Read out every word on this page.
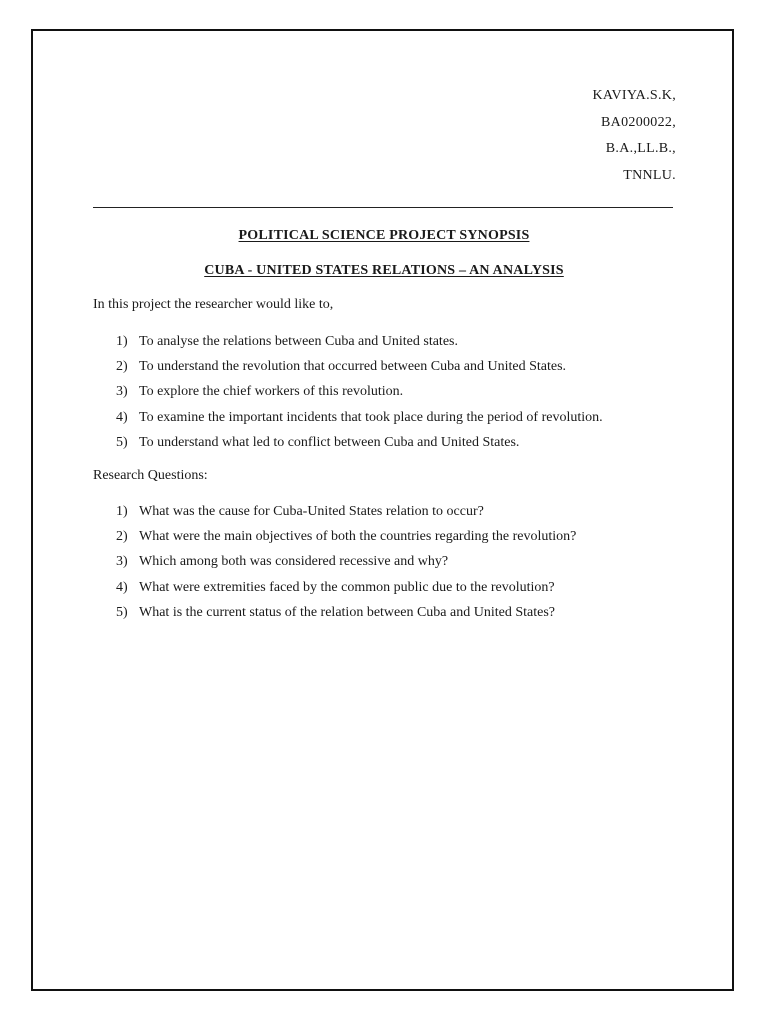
KAVIYA.S.K,
BA0200022,
B.A.,LL.B.,
TNNLU.
POLITICAL SCIENCE PROJECT SYNOPSIS
CUBA - UNITED STATES RELATIONS – AN ANALYSIS
In this project the researcher would like to,
1) To analyse the relations between Cuba and United states.
2) To understand the revolution that occurred between Cuba and United States.
3) To explore the chief workers of this revolution.
4) To examine the important incidents that took place during the period of revolution.
5) To understand what led to conflict between Cuba and United States.
Research Questions:
1) What was the cause for Cuba-United States relation to occur?
2) What were the main objectives of both the countries regarding the revolution?
3) Which among both was considered recessive and why?
4) What were extremities faced by the common public due to the revolution?
5) What is the current status of the relation between Cuba and United States?
